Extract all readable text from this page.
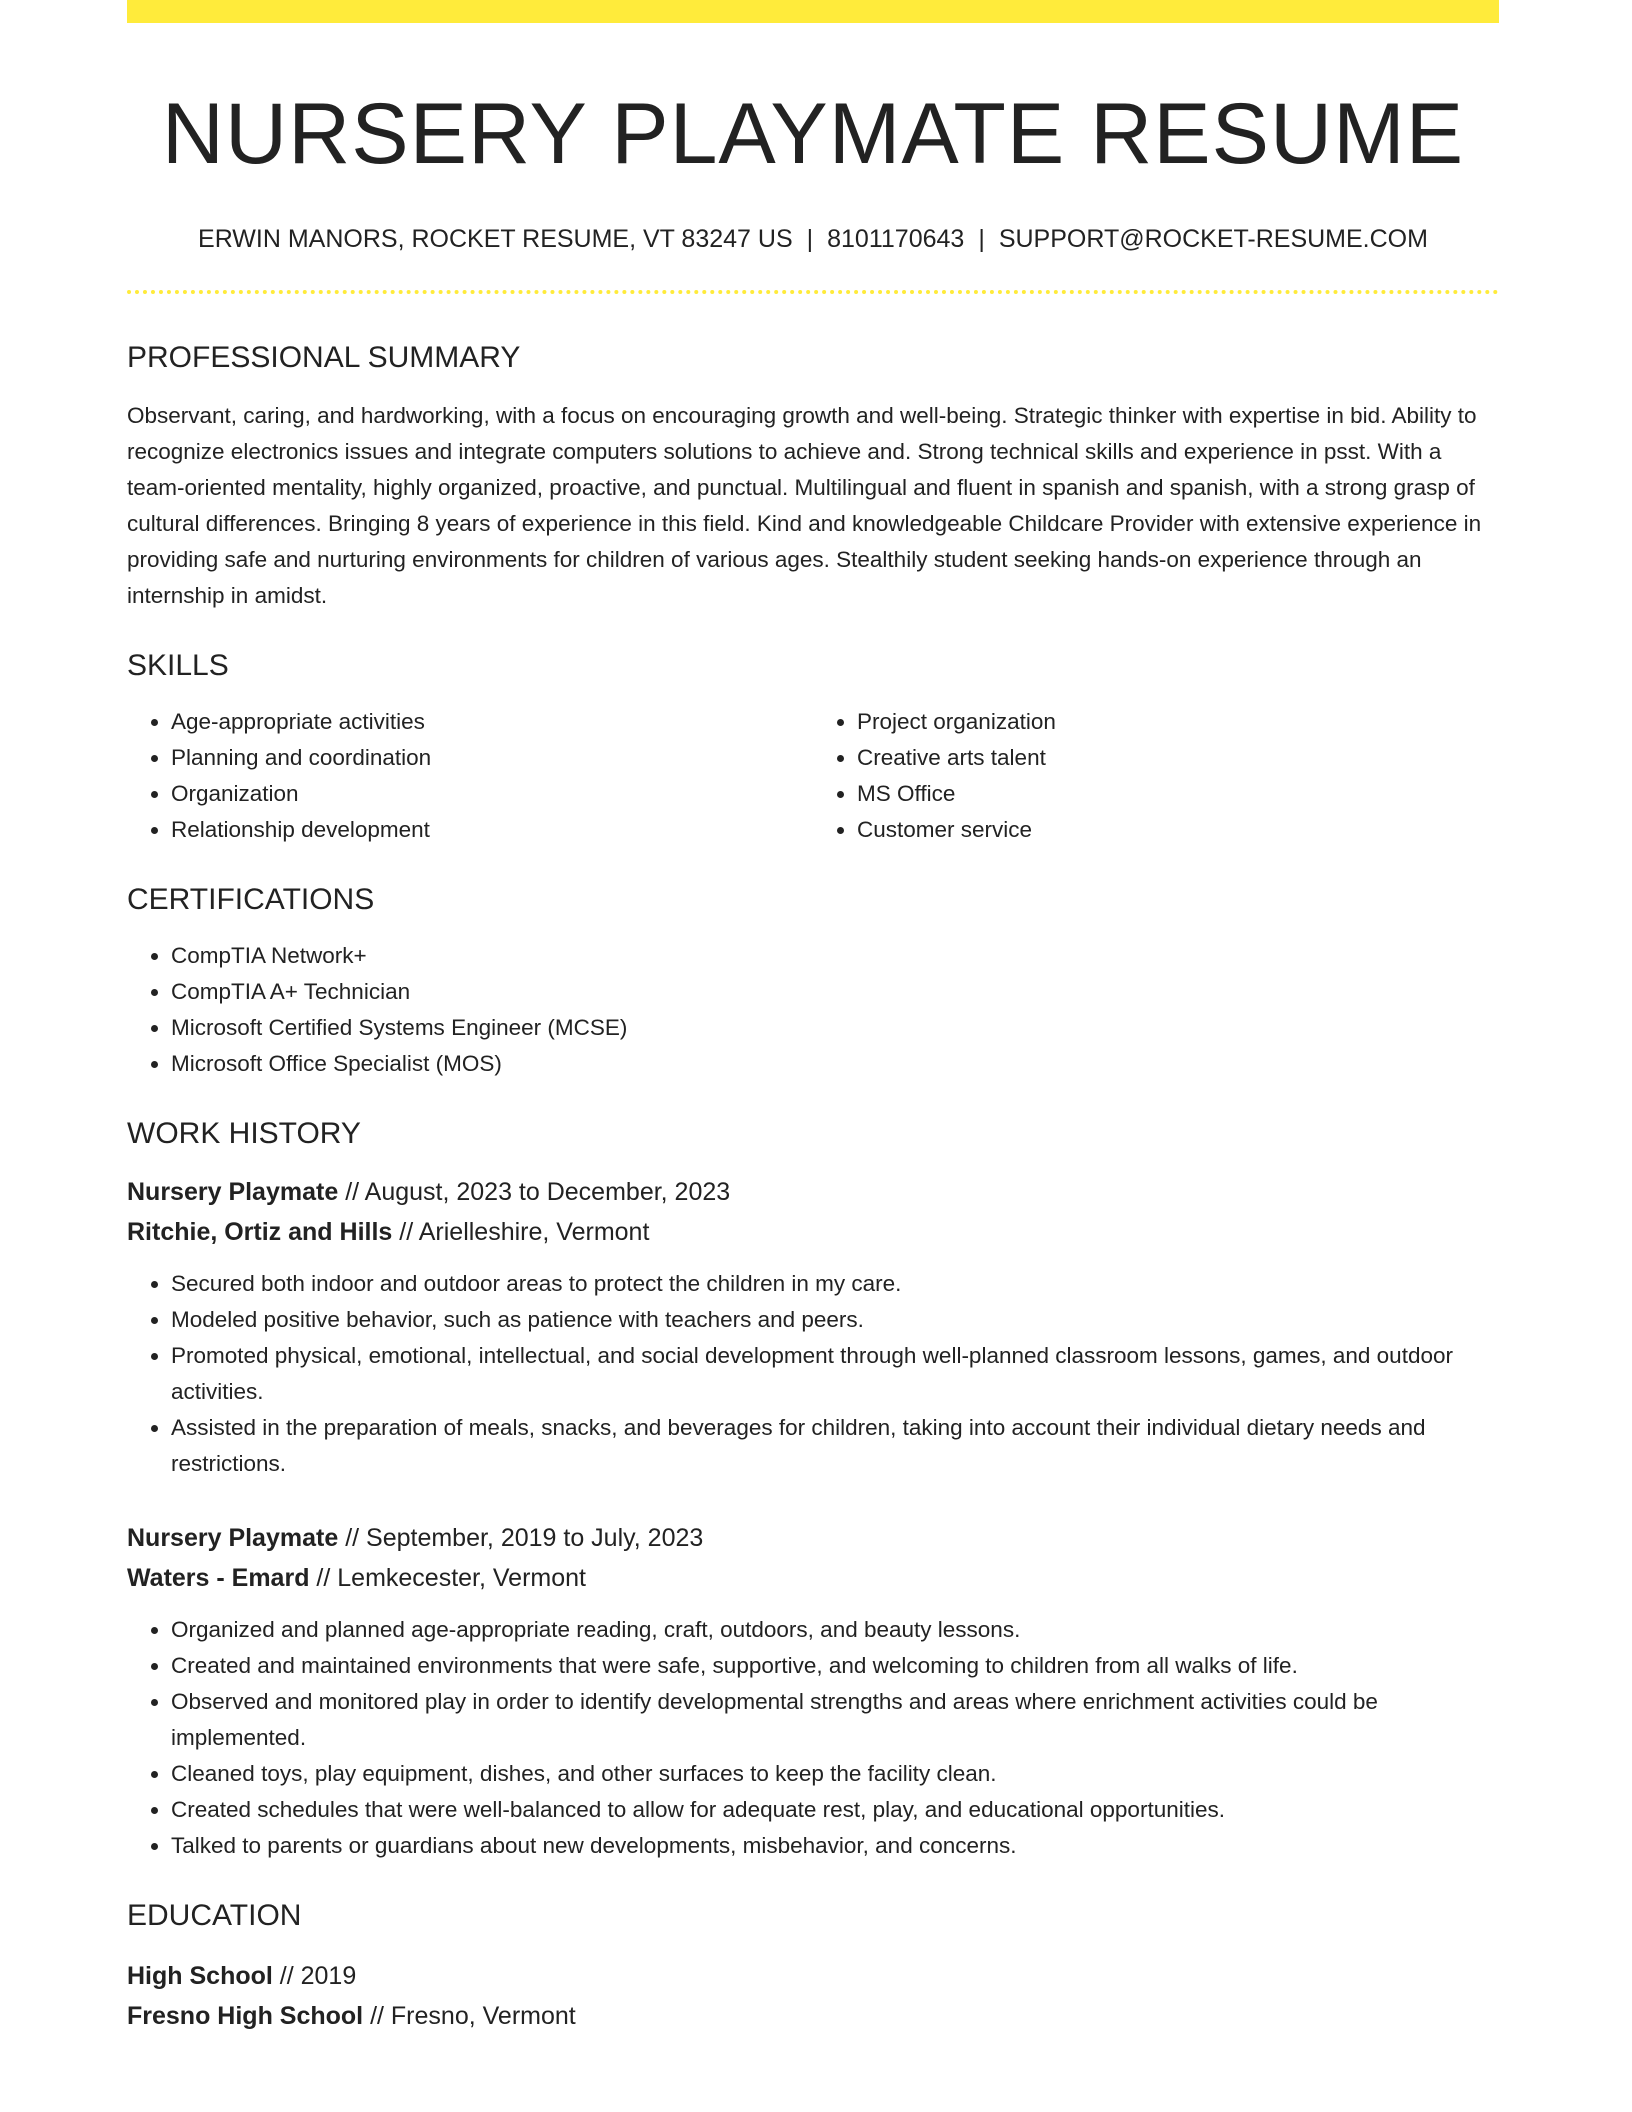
NURSERY PLAYMATE RESUME
ERWIN MANORS, ROCKET RESUME, VT 83247 US | 8101170643 | SUPPORT@ROCKET-RESUME.COM
PROFESSIONAL SUMMARY
Observant, caring, and hardworking, with a focus on encouraging growth and well-being. Strategic thinker with expertise in bid. Ability to recognize electronics issues and integrate computers solutions to achieve and. Strong technical skills and experience in psst. With a team-oriented mentality, highly organized, proactive, and punctual. Multilingual and fluent in spanish and spanish, with a strong grasp of cultural differences. Bringing 8 years of experience in this field. Kind and knowledgeable Childcare Provider with extensive experience in providing safe and nurturing environments for children of various ages. Stealthily student seeking hands-on experience through an internship in amidst.
SKILLS
• Age-appropriate activities
• Planning and coordination
• Organization
• Relationship development
• Project organization
• Creative arts talent
• MS Office
• Customer service
CERTIFICATIONS
• CompTIA Network+
• CompTIA A+ Technician
• Microsoft Certified Systems Engineer (MCSE)
• Microsoft Office Specialist (MOS)
WORK HISTORY
Nursery Playmate // August, 2023 to December, 2023
Ritchie, Ortiz and Hills // Arielleshire, Vermont
• Secured both indoor and outdoor areas to protect the children in my care.
• Modeled positive behavior, such as patience with teachers and peers.
• Promoted physical, emotional, intellectual, and social development through well-planned classroom lessons, games, and outdoor activities.
• Assisted in the preparation of meals, snacks, and beverages for children, taking into account their individual dietary needs and restrictions.
Nursery Playmate // September, 2019 to July, 2023
Waters - Emard // Lemkecester, Vermont
• Organized and planned age-appropriate reading, craft, outdoors, and beauty lessons.
• Created and maintained environments that were safe, supportive, and welcoming to children from all walks of life.
• Observed and monitored play in order to identify developmental strengths and areas where enrichment activities could be implemented.
• Cleaned toys, play equipment, dishes, and other surfaces to keep the facility clean.
• Created schedules that were well-balanced to allow for adequate rest, play, and educational opportunities.
• Talked to parents or guardians about new developments, misbehavior, and concerns.
EDUCATION
High School // 2019
Fresno High School // Fresno, Vermont
